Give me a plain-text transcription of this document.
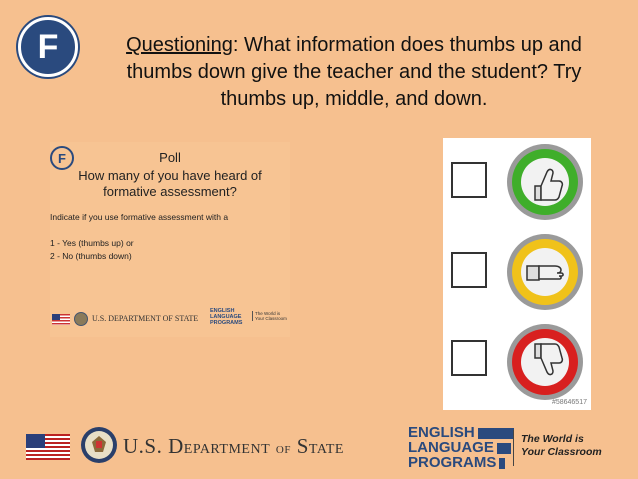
F	Questioning: What information does thumbs up and thumbs down give the teacher and the student? Try thumbs up, middle, and down.
F	Poll
How many of you have heard of formative assessment?
Indicate if you use formative assessment with a
1 - Yes (thumbs up) or
2 - No (thumbs down)
U.S. DEPARTMENT OF STATE
ENGLISH
LANGUAGE
PROGRAMS
The World is
Your Classroom
#58646517
U.S. DEPARTMENT OF STATE
ENGLISH
LANGUAGE
PROGRAMS
The World is
Your Classroom
